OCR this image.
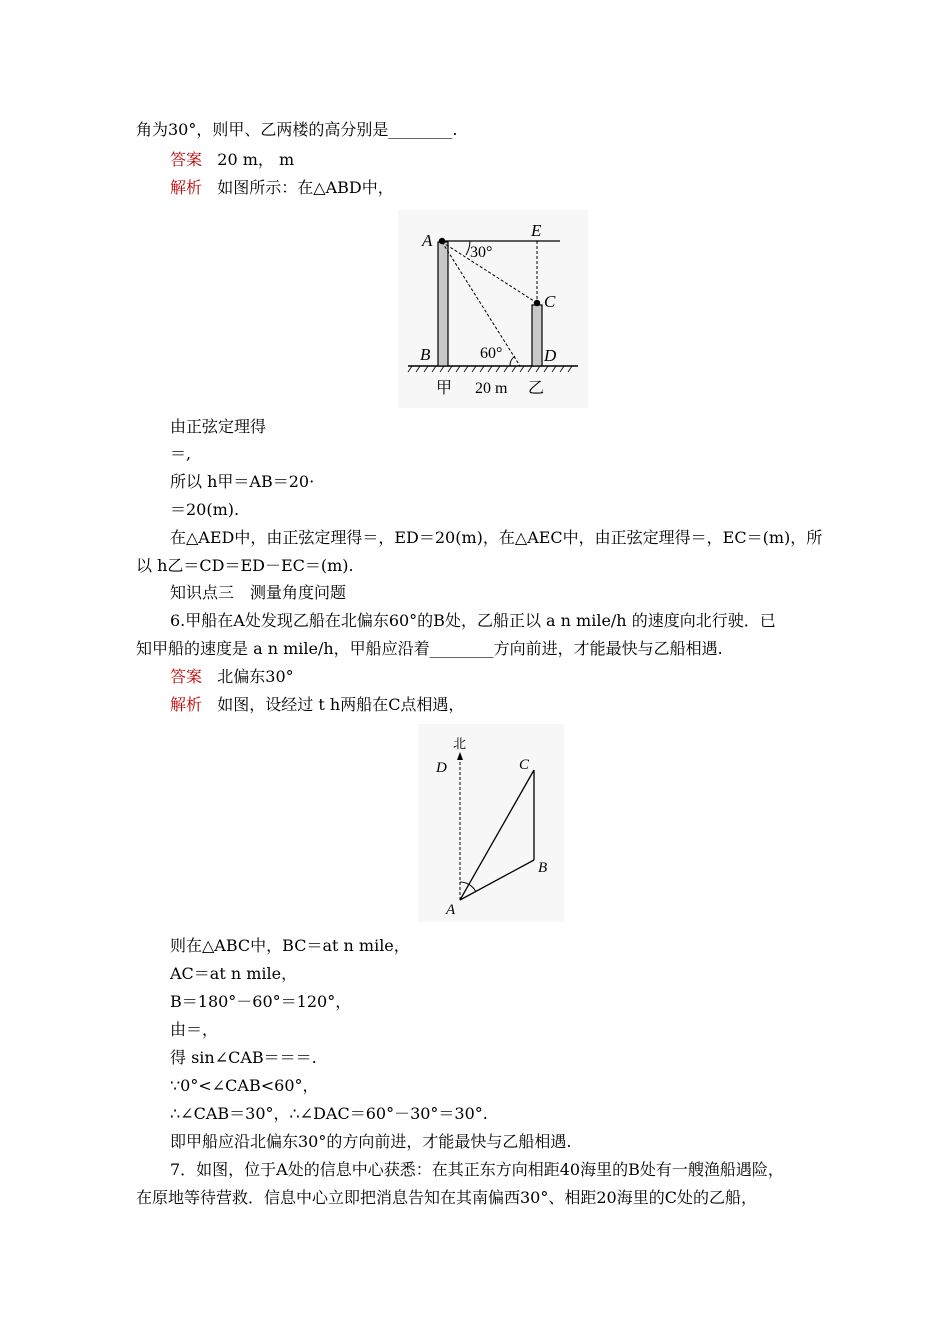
角为30°，则甲、乙两楼的高分别是________.
答案 20 m， m
解析 如图所示：在△ABD中，
A
E
C
B	D
30°
60°
甲 20 m 乙
由正弦定理得
＝,
所以 h甲＝AB＝20·
＝20(m).
在△AED中，由正弦定理得＝，ED＝20(m)，在△AEC中，由正弦定理得＝，EC＝(m)，所
以 h乙＝CD＝ED－EC＝(m).
知识点三　测量角度问题
6.甲船在A处发现乙船在北偏东60°的B处，乙船正以 a n mile/h 的速度向北行驶．已
知甲船的速度是 a n mile/h，甲船应沿着________方向前进，才能最快与乙船相遇.
答案 北偏东30°
解析 如图，设经过 t h两船在C点相遇，
北
D	C
B
A
则在△ABC中，BC＝at n mile，
AC＝at n mile，
B＝180°－60°＝120°，
由＝，
得 sin∠CAB＝＝＝.
∵0°<∠CAB<60°，
∴∠CAB＝30°，∴∠DAC＝60°－30°＝30°.
即甲船应沿北偏东30°的方向前进，才能最快与乙船相遇.
7．如图，位于A处的信息中心获悉：在其正东方向相距40海里的B处有一艘渔船遇险，
在原地等待营救．信息中心立即把消息告知在其南偏西30°、相距20海里的C处的乙船，
